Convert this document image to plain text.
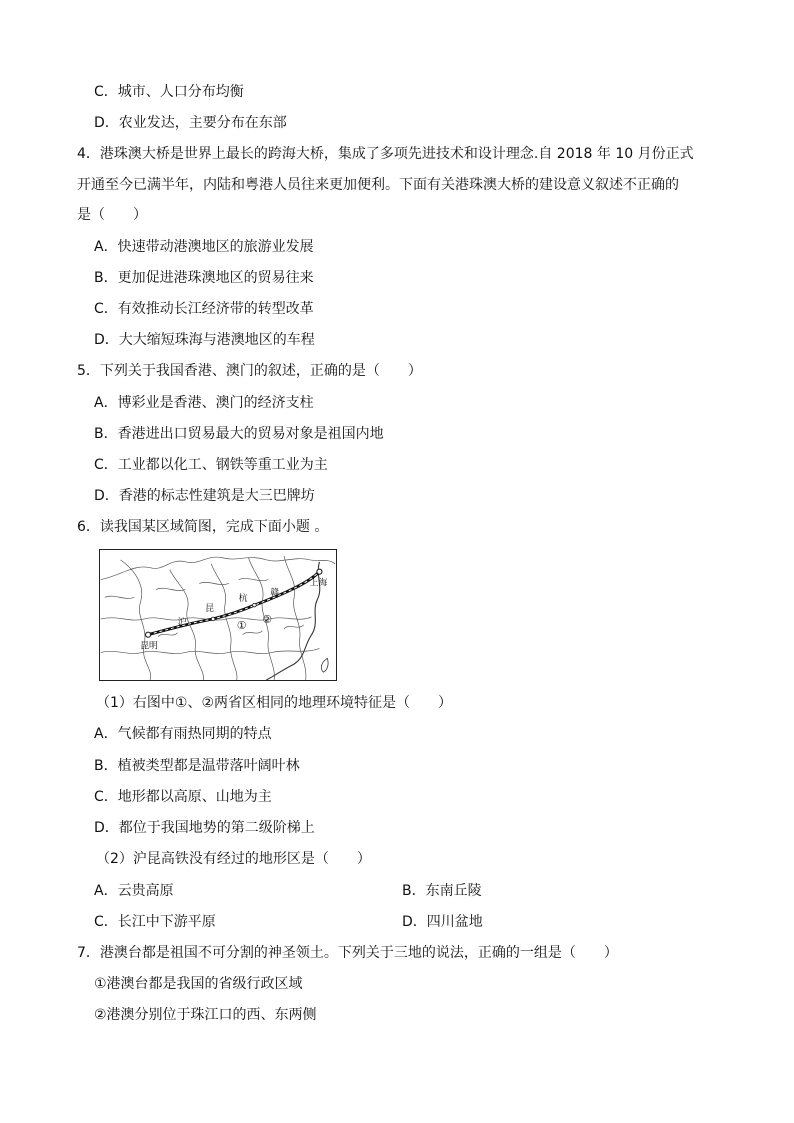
C．城市、人口分布均衡
D．农业发达，主要分布在东部
4．港珠澳大桥是世界上最长的跨海大桥，集成了多项先进技术和设计理念.自 2018 年 10 月份正式
开通至今已满半年，内陆和粤港人员往来更加便利。下面有关港珠澳大桥的建设意义叙述不正确的
是（　　）
A．快速带动港澳地区的旅游业发展
B．更加促进港珠澳地区的贸易往来
C．有效推动长江经济带的转型改革
D．大大缩短珠海与港澳地区的车程
5．下列关于我国香港、澳门的叙述，正确的是（　　）
A．博彩业是香港、澳门的经济支柱
B．香港进出口贸易最大的贸易对象是祖国内地
C．工业都以化工、钢铁等重工业为主
D．香港的标志性建筑是大三巴牌坊
6．读我国某区域简图，完成下面小题 。
昆明
上海
沪
昆
杭
赣
① ②
（1）右图中①、②两省区相同的地理环境特征是（　　）
A．气候都有雨热同期的特点
B．植被类型都是温带落叶阔叶林
C．地形都以高原、山地为主
D．都位于我国地势的第二级阶梯上
（2）沪昆高铁没有经过的地形区是（　　）
A．云贵高原	B．东南丘陵
C．长江中下游平原	D．四川盆地
7．港澳台都是祖国不可分割的神圣领土。下列关于三地的说法，正确的一组是（　　）
①港澳台都是我国的省级行政区域
②港澳分别位于珠江口的西、东两侧
